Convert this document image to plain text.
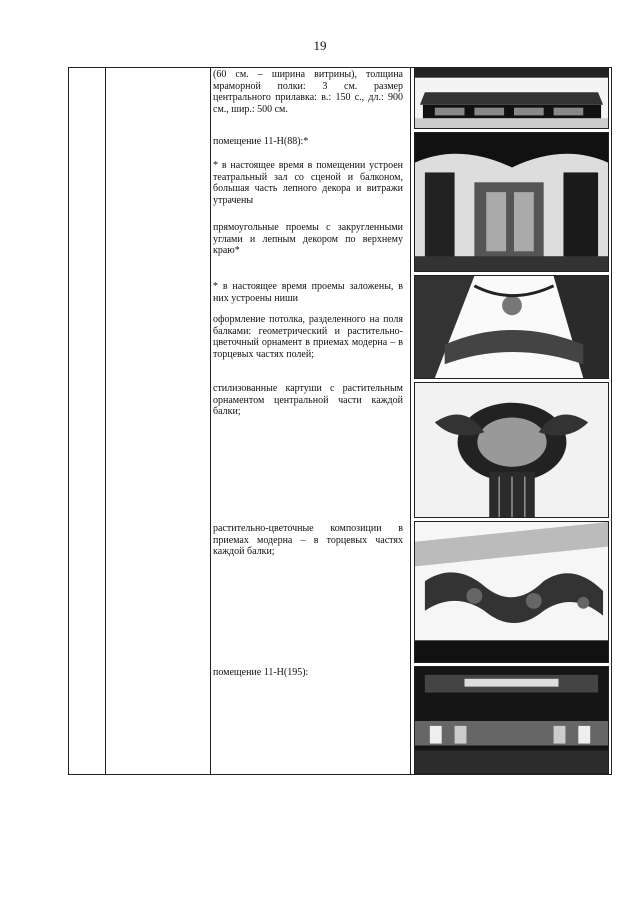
19
(60 см. – ширина витрины), толщина мраморной полки: 3 см. размер центрального прилавка: в.: 150 с., дл.: 900 см., шир.: 500 см.
помещение 11-Н(88):*
* в настоящее время в помещении устроен театральный зал со сценой и балконом, большая часть лепного декора и витражи утрачены
прямоугольные проемы с закругленными углами и лепным декором по верхнему краю*
* в настоящее время проемы заложены, в них устроены ниши
оформление потолка, разделенного на поля балками: геометрический и растительно-цветочный орнамент в приемах модерна – в торцевых частях полей;
стилизованные картуши с растительным орнаментом центральной части каждой балки;
растительно-цветочные композиции в приемах модерна – в торцевых частях каждой балки;
помещение 11-Н(195):
